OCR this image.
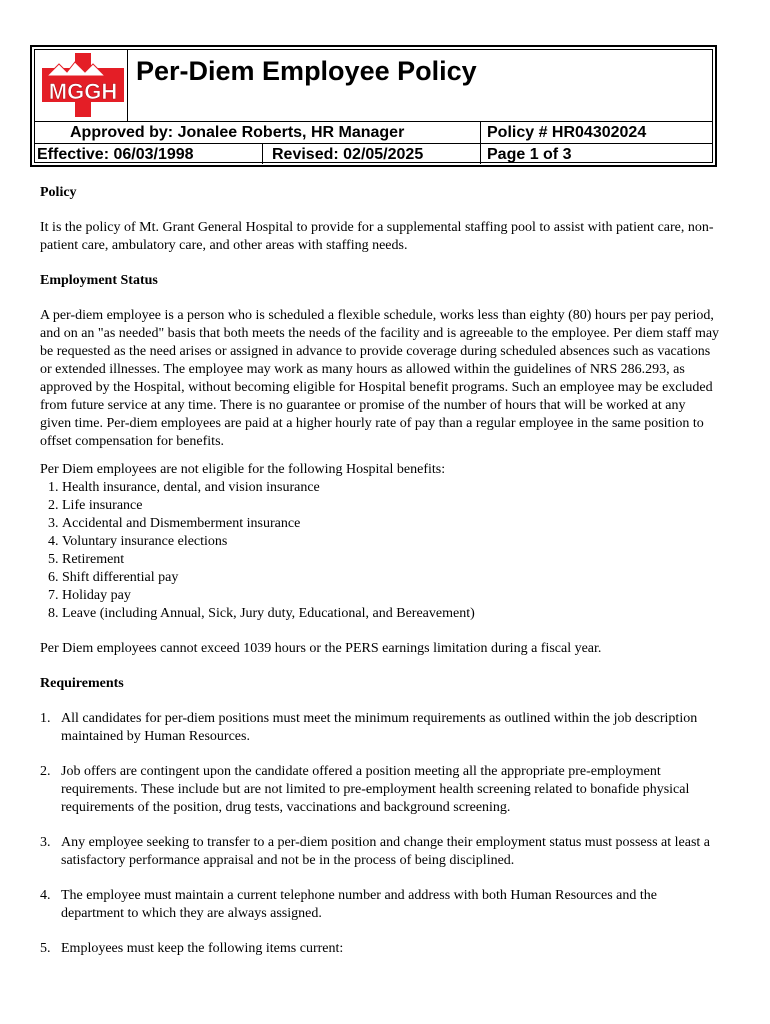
MGGH
Per-Diem Employee Policy
Approved by: Jonalee Roberts, HR Manager
Effective: 06/03/1998	Revised: 02/05/2025
Policy # HR04302024
Page 1 of 3
Policy

It is the policy of Mt. Grant General Hospital to provide for a supplemental staffing pool to assist with patient care, non-patient care, ambulatory care, and other areas with staffing needs.

Employment Status

A per-diem employee is a person who is scheduled a flexible schedule, works less than eighty (80) hours per pay period, and on an "as needed" basis that both meets the needs of the facility and is agreeable to the employee. Per diem staff may be requested as the need arises or assigned in advance to provide coverage during scheduled absences such as vacations or extended illnesses. The employee may work as many hours as allowed within the guidelines of NRS 286.293, as approved by the Hospital, without becoming eligible for Hospital benefit programs. Such an employee may be excluded from future service at any time. There is no guarantee or promise of the number of hours that will be worked at any given time. Per-diem employees are paid at a higher hourly rate of pay than a regular employee in the same position to offset compensation for benefits.

Per Diem employees are not eligible for the following Hospital benefits:

1. Health insurance, dental, and vision insurance
2. Life insurance
3. Accidental and Dismemberment insurance
4. Voluntary insurance elections
5. Retirement
6. Shift differential pay
7. Holiday pay
8. Leave (including Annual, Sick, Jury duty, Educational, and Bereavement)

Per Diem employees cannot exceed 1039 hours or the PERS earnings limitation during a fiscal year.

Requirements
1. All candidates for per-diem positions must meet the minimum requirements as outlined within the job description maintained by Human Resources.
2. Job offers are contingent upon the candidate offered a position meeting all the appropriate pre-employment requirements. These include but are not limited to pre-employment health screening related to bonafide physical requirements of the position, drug tests, vaccinations and background screening.
3. Any employee seeking to transfer to a per-diem position and change their employment status must possess at least a satisfactory performance appraisal and not be in the process of being disciplined.
4. The employee must maintain a current telephone number and address with both Human Resources and the department to which they are always assigned.
5. Employees must keep the following items current:
